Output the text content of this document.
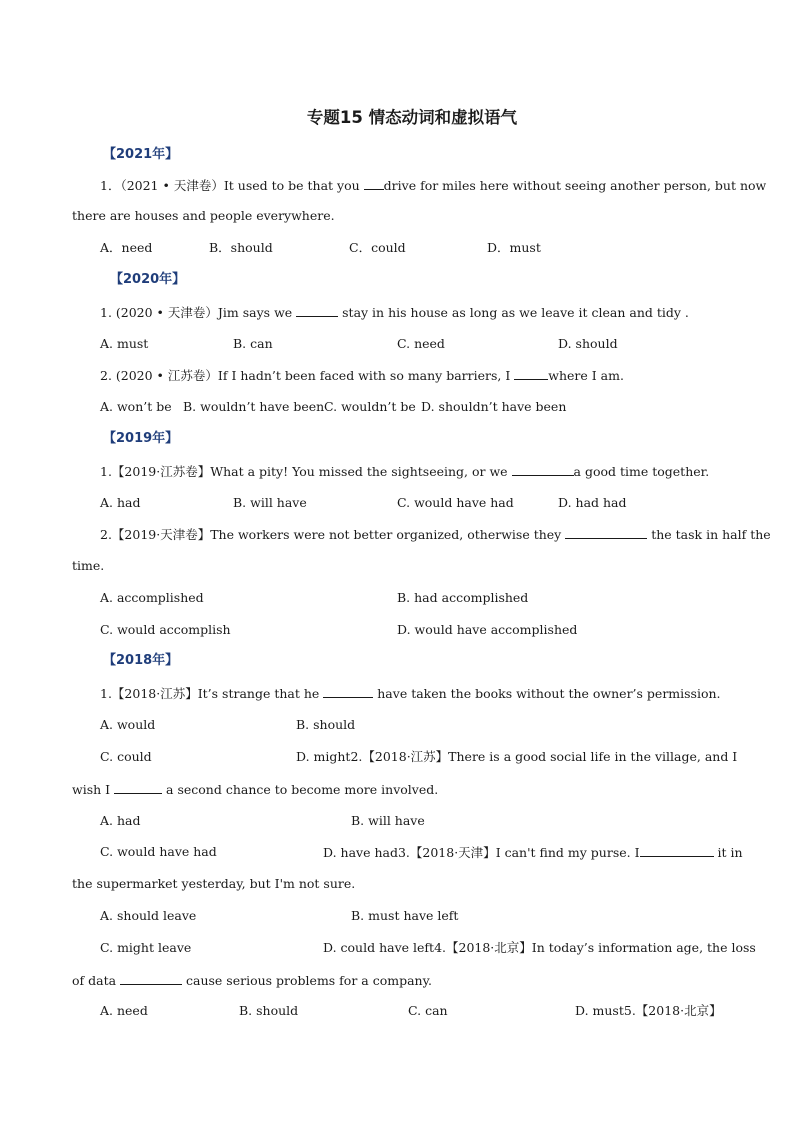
专题15 情态动词和虚拟语气
【2021年】
1．（2021 • 天津卷）It used to be that you drive for miles here without seeing another person, but now
there are houses and people everywhere.
A．need	B．should	C．could	D．must
【2020年】
1. (2020 • 天津卷）Jim says we	stay in his house as long as we leave it clean and tidy .
A. must	B. can	C. need	D. should
2. (2020 • 江苏卷）If I hadn’t been faced with so many barriers, I	where I am.
A. won’t be B. wouldn’t have been C. wouldn’t be D. shouldn’t have been
【2019年】
1.【2019·江苏卷】What a pity! You missed the sightseeing, or we	a good time together.
A. had	B. will have	C. would have had	D. had had
2.【2019·天津卷】The workers were not better organized, otherwise they	the task in half the
time.
A. accomplished	B. had accomplished
C. would accomplish	D. would have accomplished
【2018年】
1.【2018·江苏】It’s strange that he	have taken the books without the owner’s permission.
A. would	B. should
C. could	D. might2.【2018·江苏】There is a good social life in the village, and I
wish I	a second chance to become more involved.
A. had	B. will have
C. would have had	D. have had3.【2018·天津】I can't find my purse. I	it in
the supermarket yesterday, but I'm not sure.
A. should leave	B. must have left
C. might leave	D. could have left4.【2018·北京】In today’s information age, the loss
of data	cause serious problems for a company.
A. need	B. should	C. can	D. must5.【2018·北京】
